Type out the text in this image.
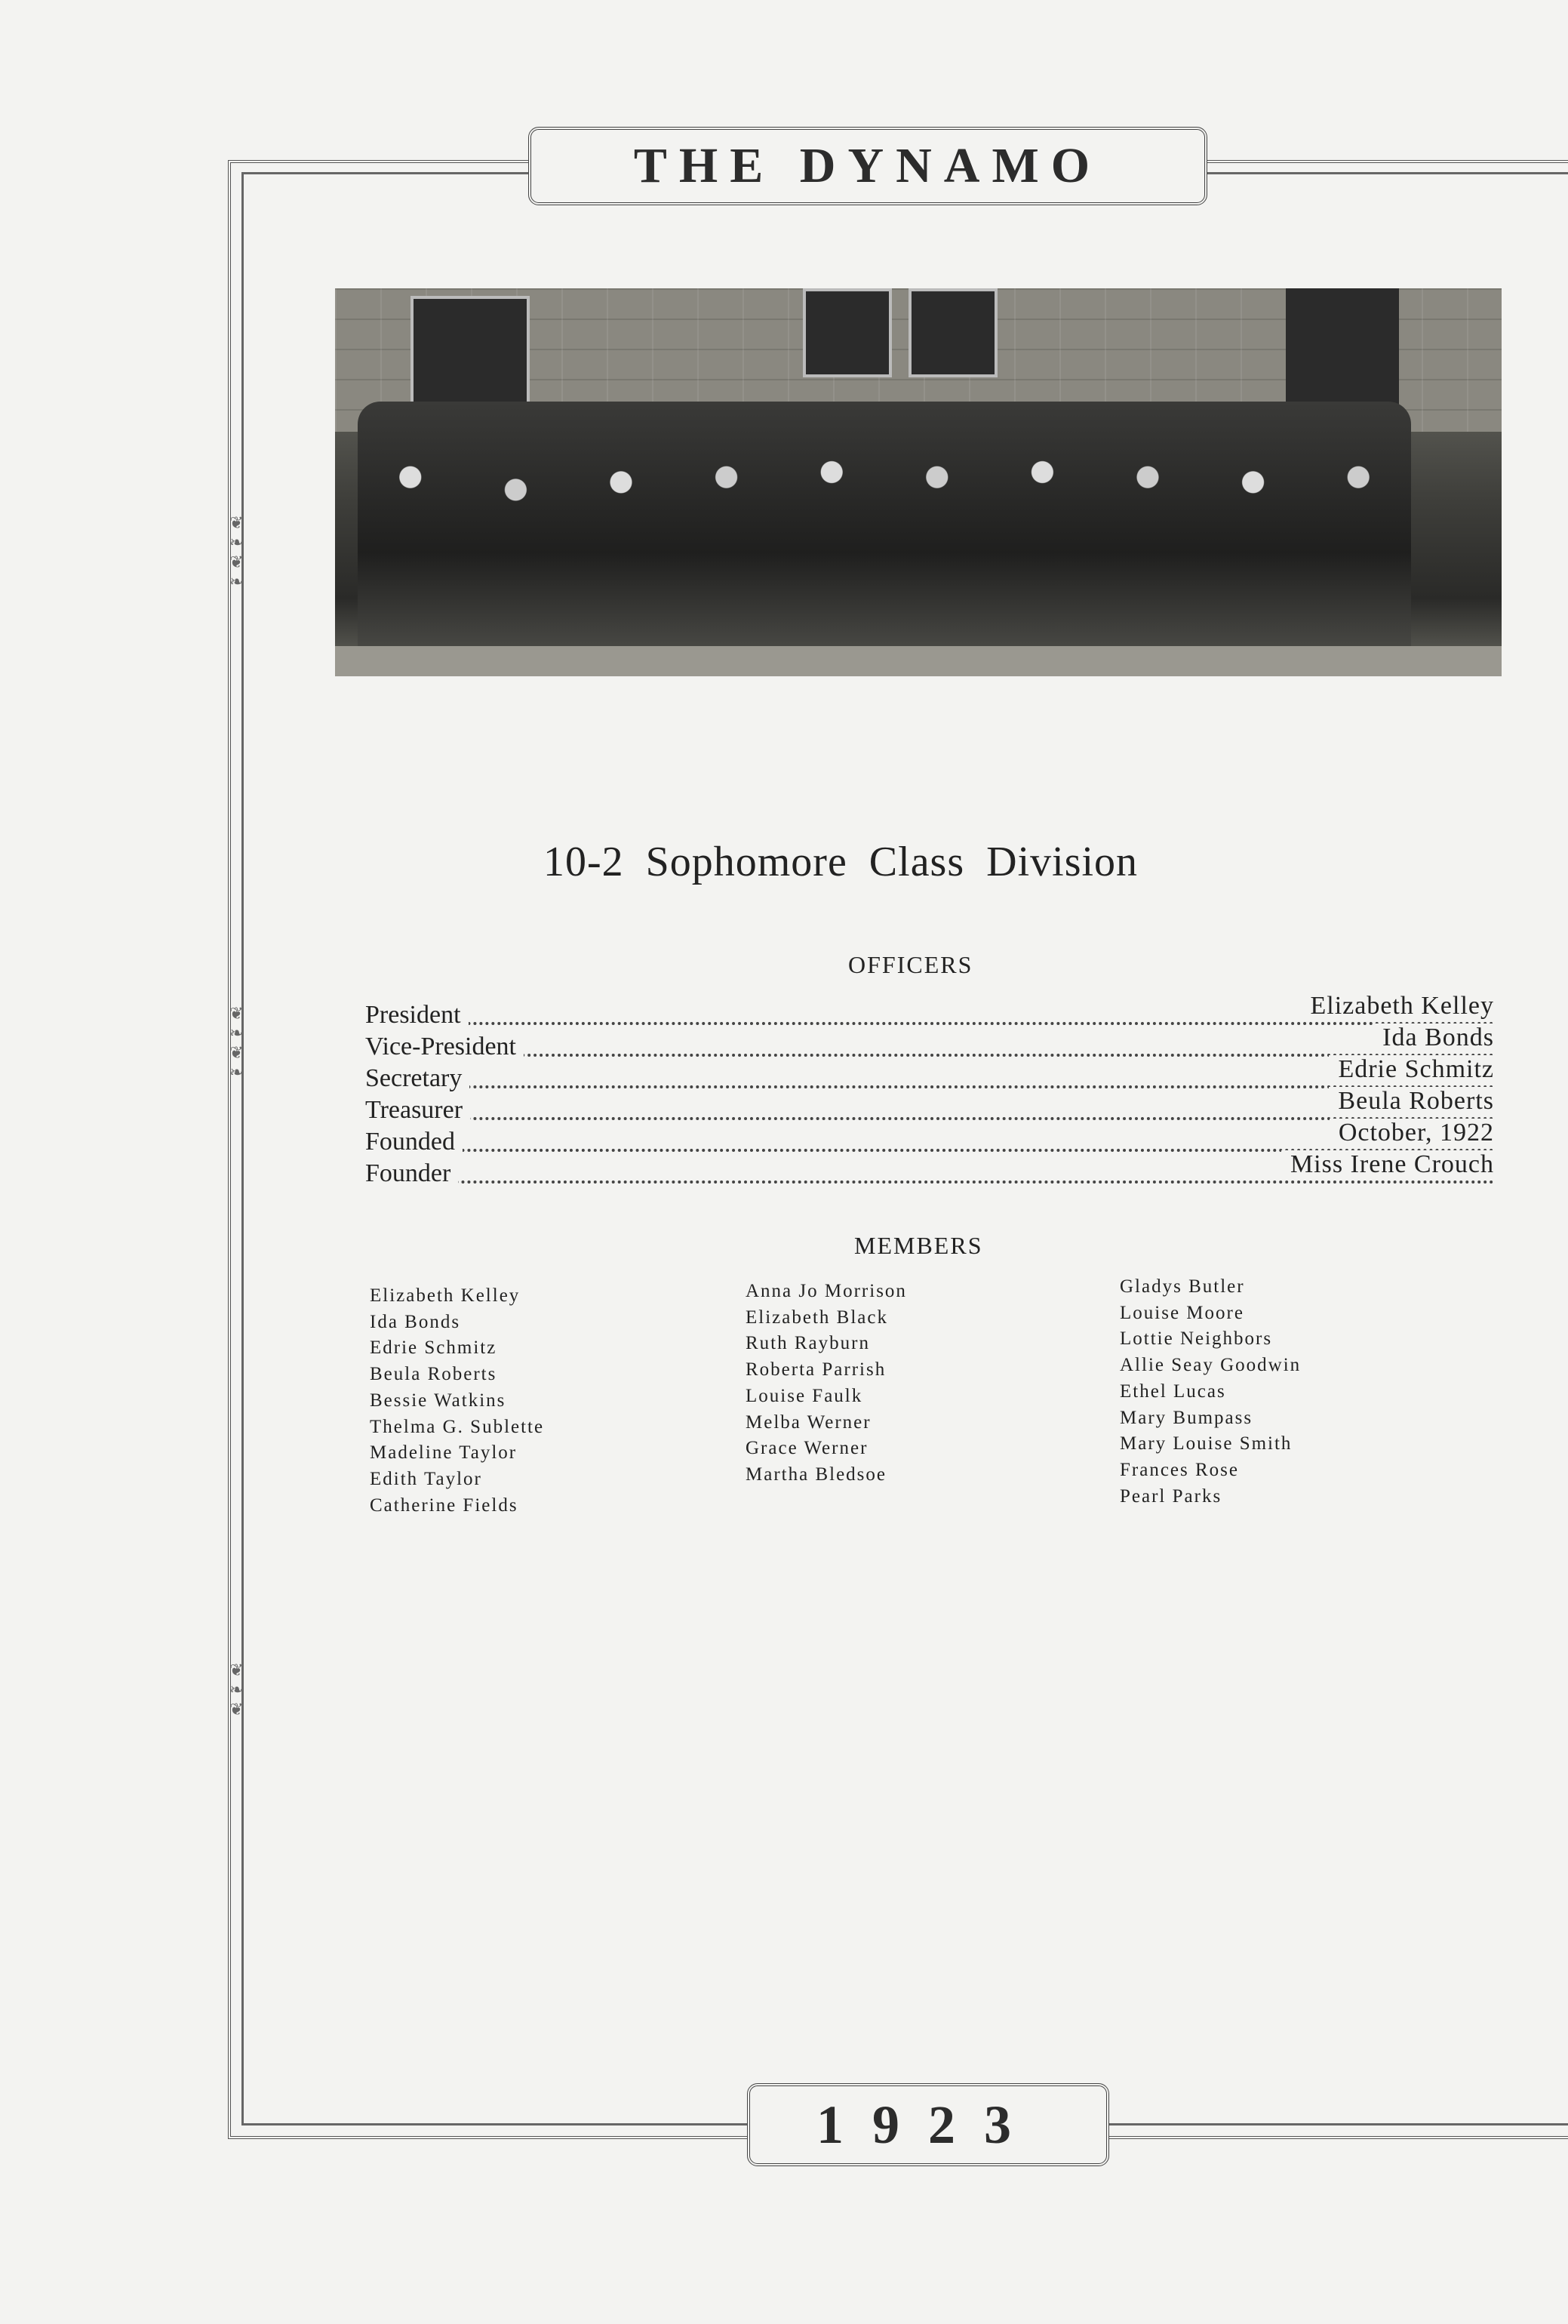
❦
❧
❦
❧
❦
❧
❦
❧
❦
❧
❦
THE DYNAMO
10-2 Sophomore Class Division
OFFICERS
President	Elizabeth Kelley
Vice-President	Ida Bonds
Secretary	Edrie Schmitz
Treasurer	Beula Roberts
Founded	October, 1922
Founder	Miss Irene Crouch
MEMBERS
Elizabeth Kelley
Ida Bonds
Edrie Schmitz
Beula Roberts
Bessie Watkins
Thelma G. Sublette
Madeline Taylor
Edith Taylor
Catherine Fields
Anna Jo Morrison
Elizabeth Black
Ruth Rayburn
Roberta Parrish
Louise Faulk
Melba Werner
Grace Werner
Martha Bledsoe
Gladys Butler
Louise Moore
Lottie Neighbors
Allie Seay Goodwin
Ethel Lucas
Mary Bumpass
Mary Louise Smith
Frances Rose
Pearl Parks
1923
